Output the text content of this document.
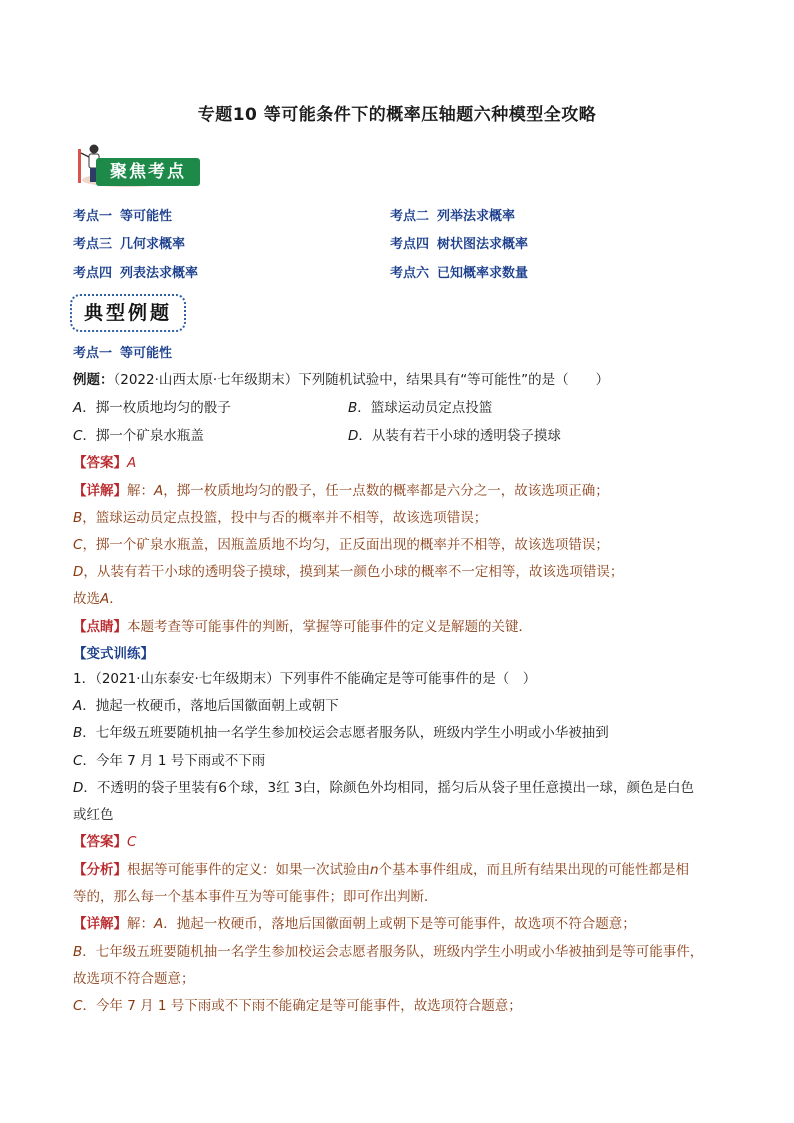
专题10 等可能条件下的概率压轴题六种模型全攻略
聚焦考点
考点一 等可能性	考点二 列举法求概率
考点三 几何求概率	考点四 树状图法求概率
考点四 列表法求概率	考点六 已知概率求数量
典型例题
考点一 等可能性
例题：（2022·山西太原·七年级期末）下列随机试验中，结果具有“等可能性”的是（　　）
A．掷一枚质地均匀的骰子	B．篮球运动员定点投篮
C．掷一个矿泉水瓶盖	D．从装有若干小球的透明袋子摸球
【答案】A
【详解】解：A，掷一枚质地均匀的骰子，任一点数的概率都是六分之一，故该选项正确；
B，篮球运动员定点投篮，投中与否的概率并不相等，故该选项错误；
C，掷一个矿泉水瓶盖，因瓶盖质地不均匀，正反面出现的概率并不相等，故该选项错误；
D，从装有若干小球的透明袋子摸球，摸到某一颜色小球的概率不一定相等，故该选项错误；
故选A．
【点睛】本题考查等可能事件的判断，掌握等可能事件的定义是解题的关键．
【变式训练】
1．（2021·山东泰安·七年级期末）下列事件不能确定是等可能事件的是（　）
A．抛起一枚硬币，落地后国徽面朝上或朝下
B．七年级五班要随机抽一名学生参加校运会志愿者服务队，班级内学生小明或小华被抽到
C．今年 7 月 1 号下雨或不下雨
D．不透明的袋子里装有6个球，3红 3白，除颜色外均相同，摇匀后从袋子里任意摸出一球，颜色是白色
或红色
【答案】C
【分析】根据等可能事件的定义：如果一次试验由n个基本事件组成，而且所有结果出现的可能性都是相
等的，那么每一个基本事件互为等可能事件；即可作出判断．
【详解】解：A．抛起一枚硬币，落地后国徽面朝上或朝下是等可能事件，故选项不符合题意；
B．七年级五班要随机抽一名学生参加校运会志愿者服务队，班级内学生小明或小华被抽到是等可能事件，
故选项不符合题意；
C．今年 7 月 1 号下雨或不下雨不能确定是等可能事件，故选项符合题意；
